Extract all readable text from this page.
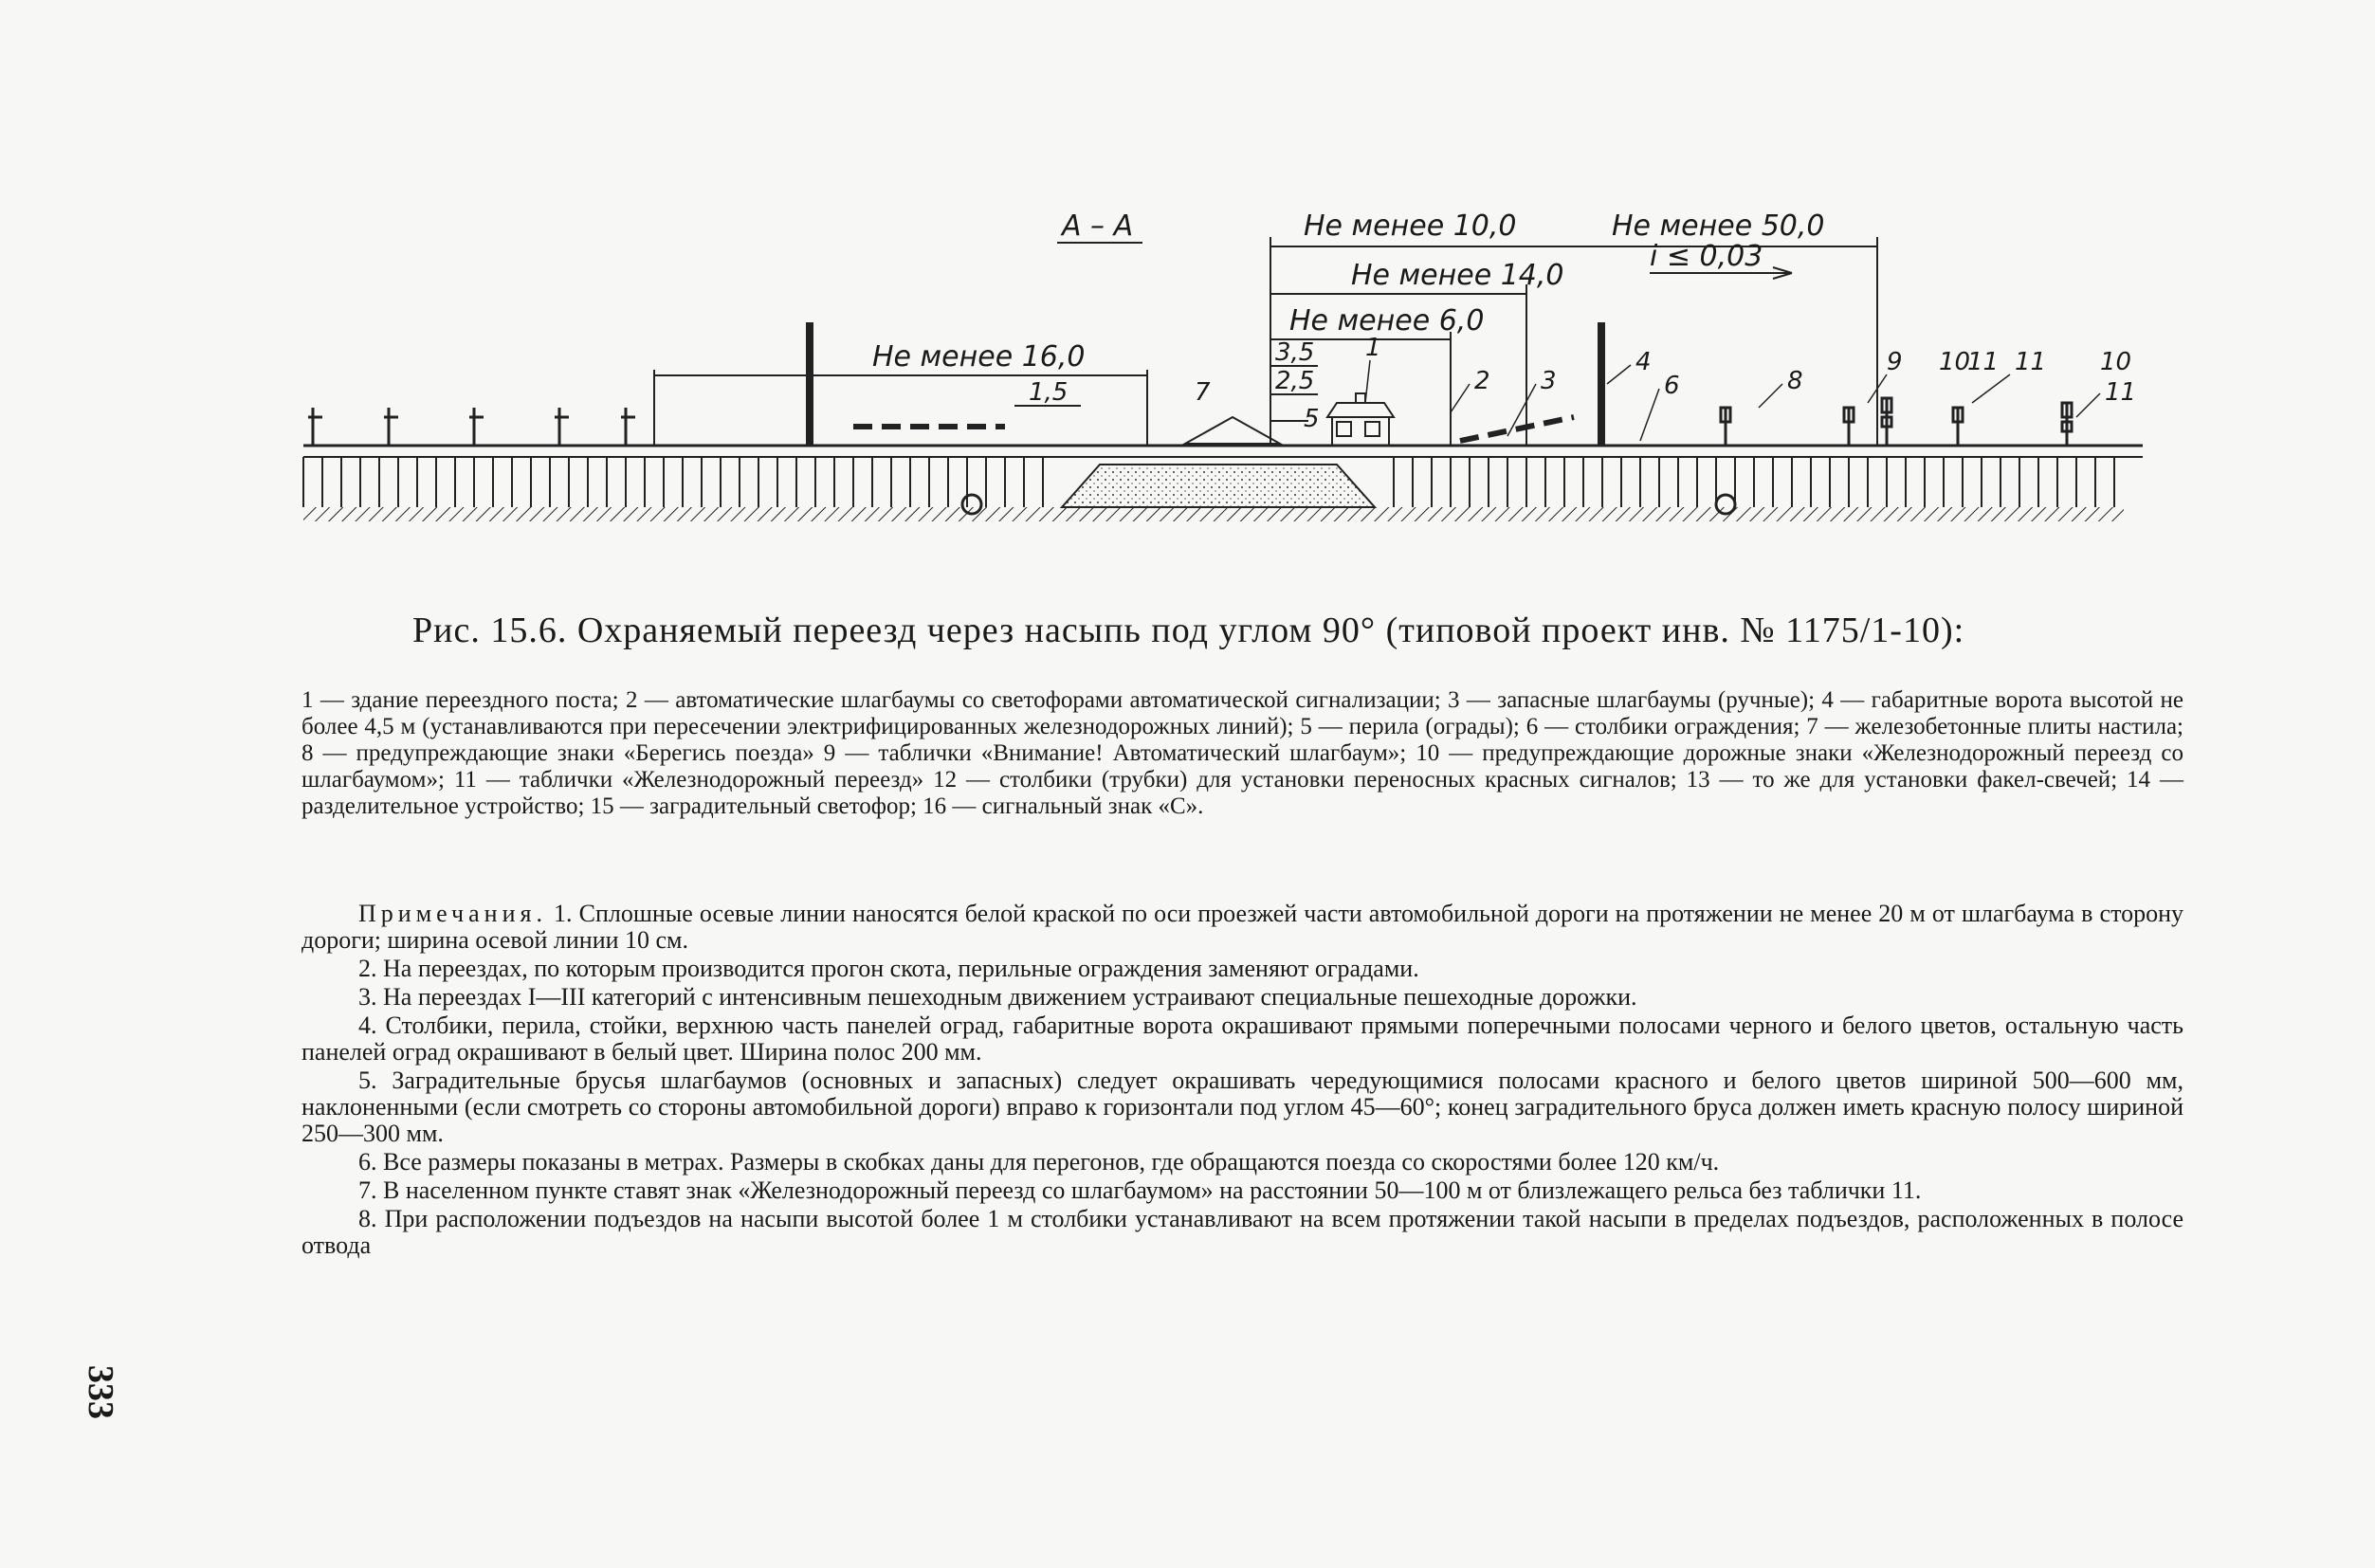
А – А
Не менее 16,0
Не менее 10,0	Не менее 50,0
i ≤ 0,03
Не менее 14,0
Не менее 6,0
1,5
3,5
2,5
1
2 3
4
5
6
7	8
9 10
11 11 10
11
Рис. 15.6. Охраняемый переезд через насыпь под углом 90° (типовой проект инв. № 1175/1-10):
1 — здание переездного поста; 2 — автоматические шлагбаумы со светофорами автоматической сигнализации; 3 — запасные шлагбаумы (ручные); 4 — габаритные ворота высотой не более 4,5 м (устанавливаются при пересечении электрифицированных железнодорожных линий); 5 — перила (ограды); 6 — столбики ограждения; 7 — железобетонные плиты настила; 8 — предупреждающие знаки «Берегись поезда» 9 — таблички «Внимание! Автоматический шлагбаум»; 10 — предупреждающие дорожные знаки «Железнодорожный переезд со шлагбаумом»; 11 — таблички «Железнодорожный переезд» 12 — столбики (трубки) для установки переносных красных сигналов; 13 — то же для установки факел-свечей; 14 — разделительное устройство; 15 — заградительный светофор; 16 — сигнальный знак «С».

Примечания. 1. Сплошные осевые линии наносятся белой краской по оси проезжей части автомобильной дороги на протяжении не менее 20 м от шлагбаума в сторону дороги; ширина осевой линии 10 см.

2. На переездах, по которым производится прогон скота, перильные ограждения заменяют оградами.

3. На переездах I—III категорий с интенсивным пешеходным движением устраивают специальные пешеходные дорожки.

4. Столбики, перила, стойки, верхнюю часть панелей оград, габаритные ворота окрашивают прямыми поперечными полосами черного и белого цветов, остальную часть панелей оград окрашивают в белый цвет. Ширина полос 200 мм.

5. Заградительные брусья шлагбаумов (основных и запасных) следует окрашивать чередующимися полосами красного и белого цветов шириной 500—600 мм, наклоненными (если смотреть со стороны автомобильной дороги) вправо к горизонтали под углом 45—60°; конец заградительного бруса должен иметь красную полосу шириной 250—300 мм.

6. Все размеры показаны в метрах. Размеры в скобках даны для перегонов, где обращаются поезда со скоростями более 120 км/ч.

7. В населенном пункте ставят знак «Железнодорожный переезд со шлагбаумом» на расстоянии 50—100 м от близлежащего рельса без таблички 11.

8. При расположении подъездов на насыпи высотой более 1 м столбики устанавливают на всем протяжении такой насыпи в пределах подъездов, расположенных в полосе отвода

333
